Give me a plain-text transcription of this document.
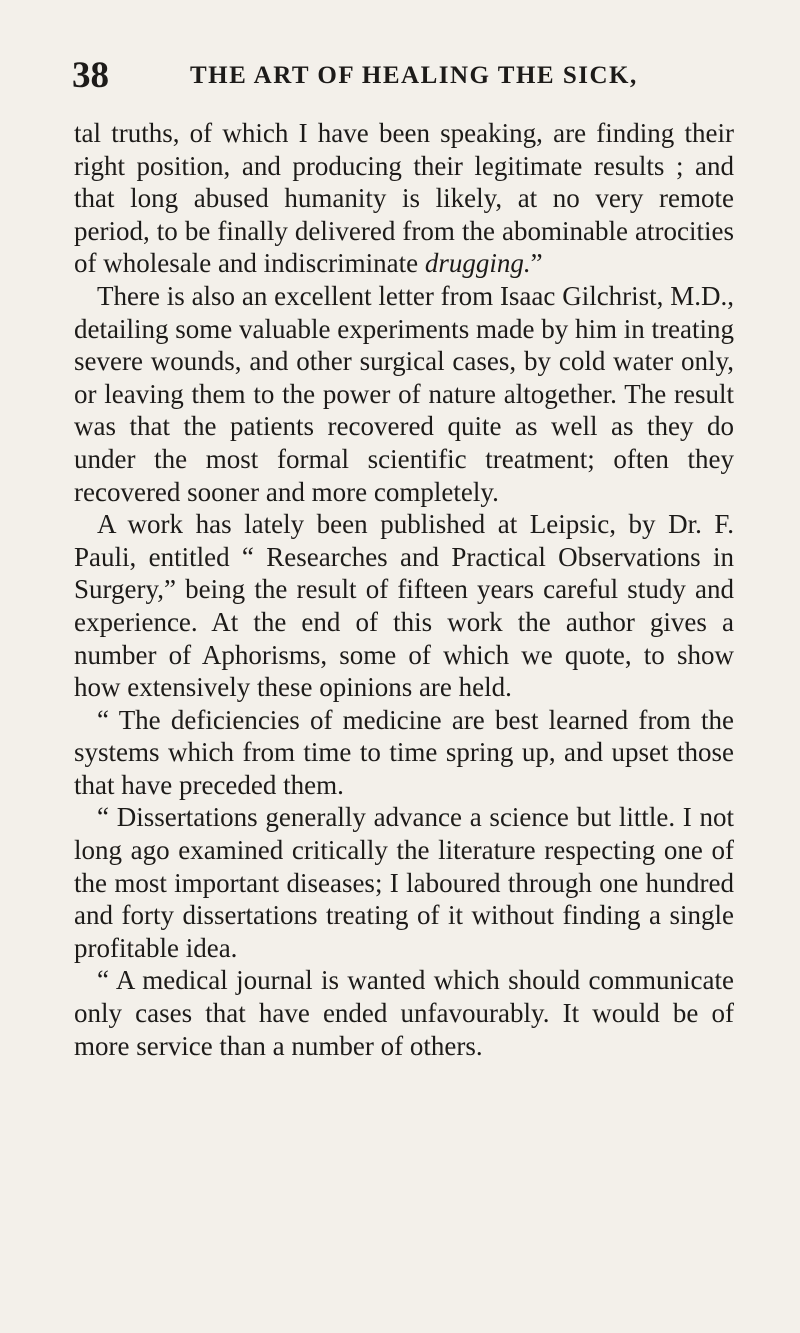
38	THE ART OF HEALING THE SICK,

tal truths, of which I have been speaking, are finding their right position, and producing their legitimate results ; and that long abused humanity is likely, at no very remote period, to be finally delivered from the abominable atrocities of wholesale and indiscriminate drugging.”

There is also an excellent letter from Isaac Gilchrist, M.D., detailing some valuable experiments made by him in treating severe wounds, and other surgical cases, by cold water only, or leaving them to the power of nature altogether. The result was that the patients recovered quite as well as they do under the most formal scientific treatment; often they recovered sooner and more completely.

A work has lately been published at Leipsic, by Dr. F. Pauli, entitled “ Researches and Practical Observations in Surgery,” being the result of fifteen years careful study and experience. At the end of this work the author gives a number of Aphorisms, some of which we quote, to show how extensively these opinions are held.

“ The deficiencies of medicine are best learned from the systems which from time to time spring up, and upset those that have preceded them.

“ Dissertations generally advance a science but little. I not long ago examined critically the literature respecting one of the most important diseases; I laboured through one hundred and forty dissertations treating of it without finding a single profitable idea.

“ A medical journal is wanted which should communicate only cases that have ended unfavourably. It would be of more service than a number of others.
